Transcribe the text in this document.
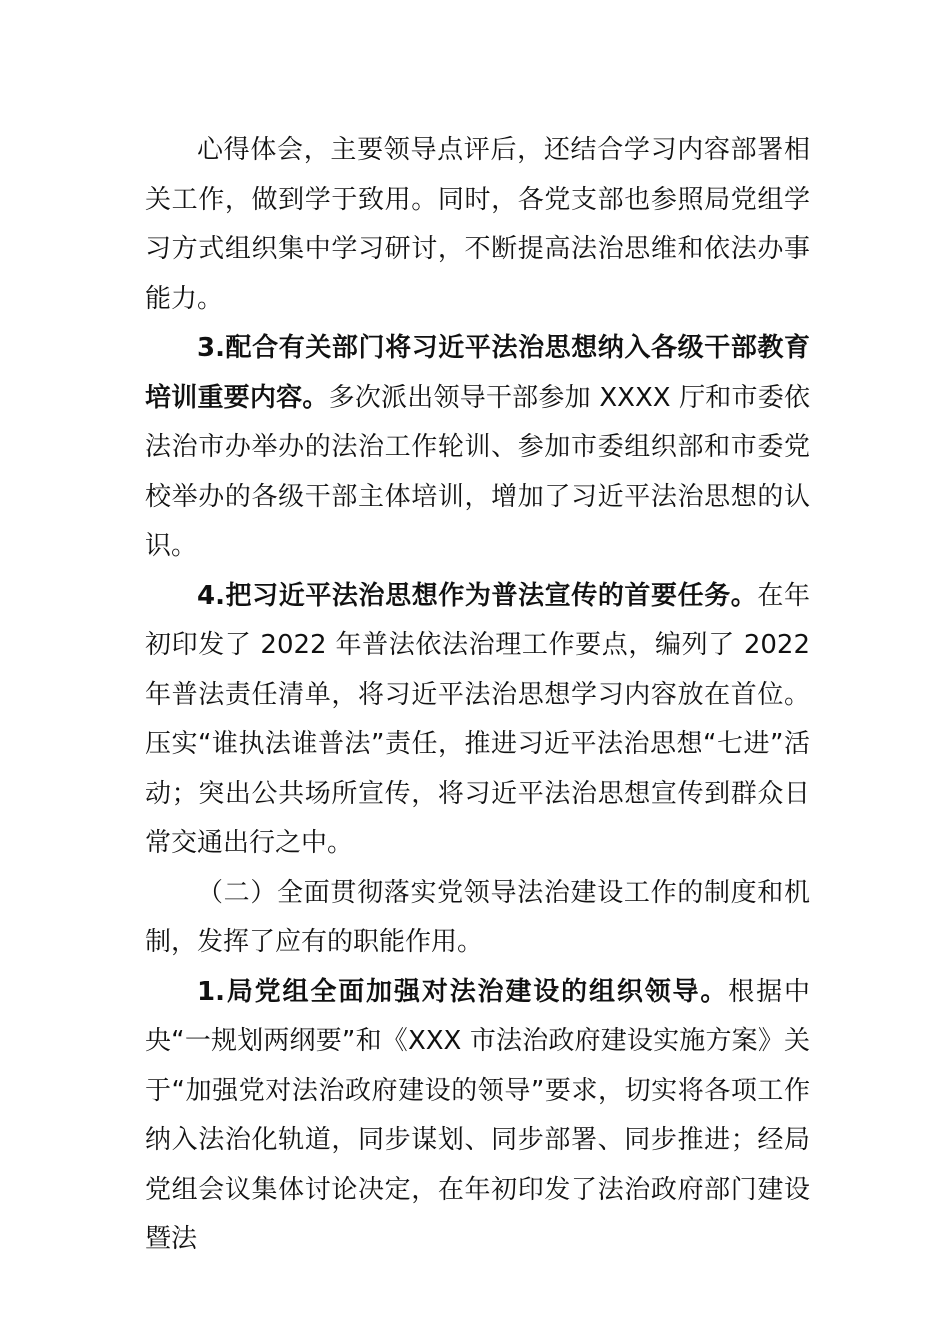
心得体会，主要领导点评后，还结合学习内容部署相关工作，做到学于致用。同时，各党支部也参照局党组学习方式组织集中学习研讨，不断提高法治思维和依法办事能力。

3.配合有关部门将习近平法治思想纳入各级干部教育培训重要内容。多次派出领导干部参加 XXXX 厅和市委依法治市办举办的法治工作轮训、参加市委组织部和市委党校举办的各级干部主体培训，增加了习近平法治思想的认识。

4.把习近平法治思想作为普法宣传的首要任务。在年初印发了 2022 年普法依法治理工作要点，编列了 2022 年普法责任清单，将习近平法治思想学习内容放在首位。压实“谁执法谁普法”责任，推进习近平法治思想“七进”活动；突出公共场所宣传，将习近平法治思想宣传到群众日常交通出行之中。

（二）全面贯彻落实党领导法治建设工作的制度和机制，发挥了应有的职能作用。

1.局党组全面加强对法治建设的组织领导。根据中央“一规划两纲要”和《XXX 市法治政府建设实施方案》关于“加强党对法治政府建设的领导”要求，切实将各项工作纳入法治化轨道，同步谋划、同步部署、同步推进；经局党组会议集体讨论决定，在年初印发了法治政府部门建设暨法
